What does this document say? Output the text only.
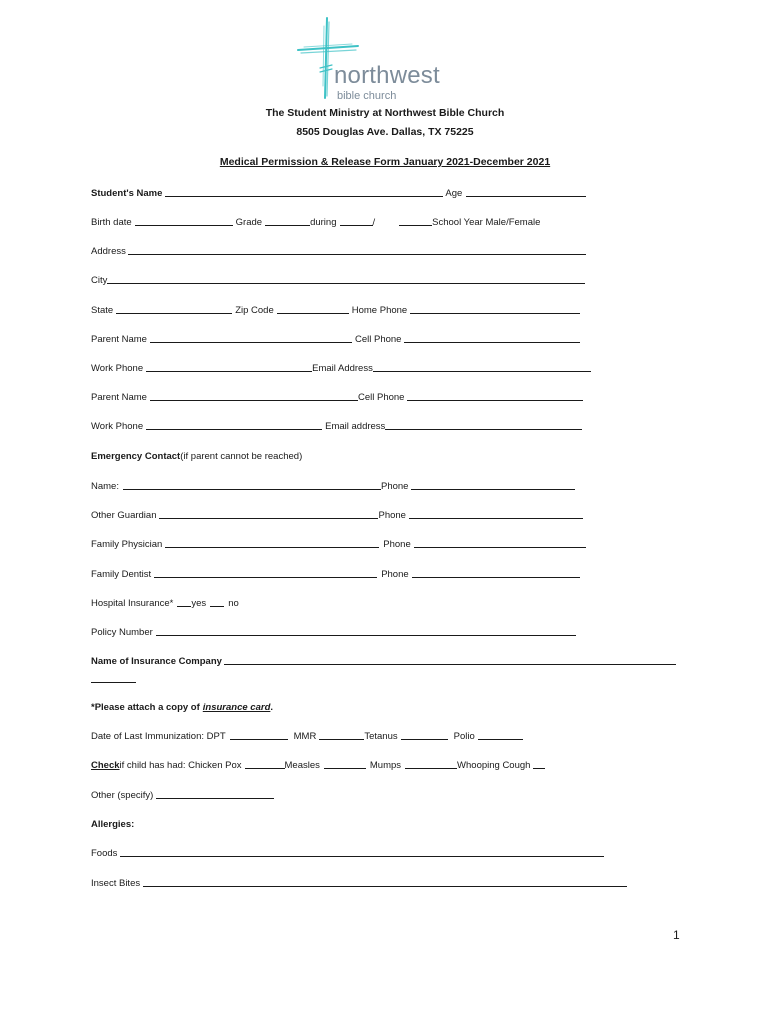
northwest
bible church
The Student Ministry at Northwest Bible Church
8505 Douglas Ave. Dallas, TX 75225
Medical Permission & Release Form January 2021-December 2021
Student's Name	Age
Birth date	Grade	during	/	School Year Male/Female
Address
City
State	Zip Code	Home Phone
Parent Name	Cell Phone
Work Phone	Email Address
Parent Name	Cell Phone
Work Phone	Email address
Emergency Contact (if parent cannot be reached)
Name:	Phone
Other Guardian	Phone
Family Physician	Phone
Family Dentist	Phone
Hospital Insurance* yes no
Policy Number
Name of Insurance Company
*Please attach a copy of insurance card .
Date of Last Immunization: DPT	MMR	Tetanus	Polio
Check if child has had: Chicken Pox	Measles	Mumps	Whooping Cough
Other (specify)
Allergies:
Foods
Insect Bites
1
